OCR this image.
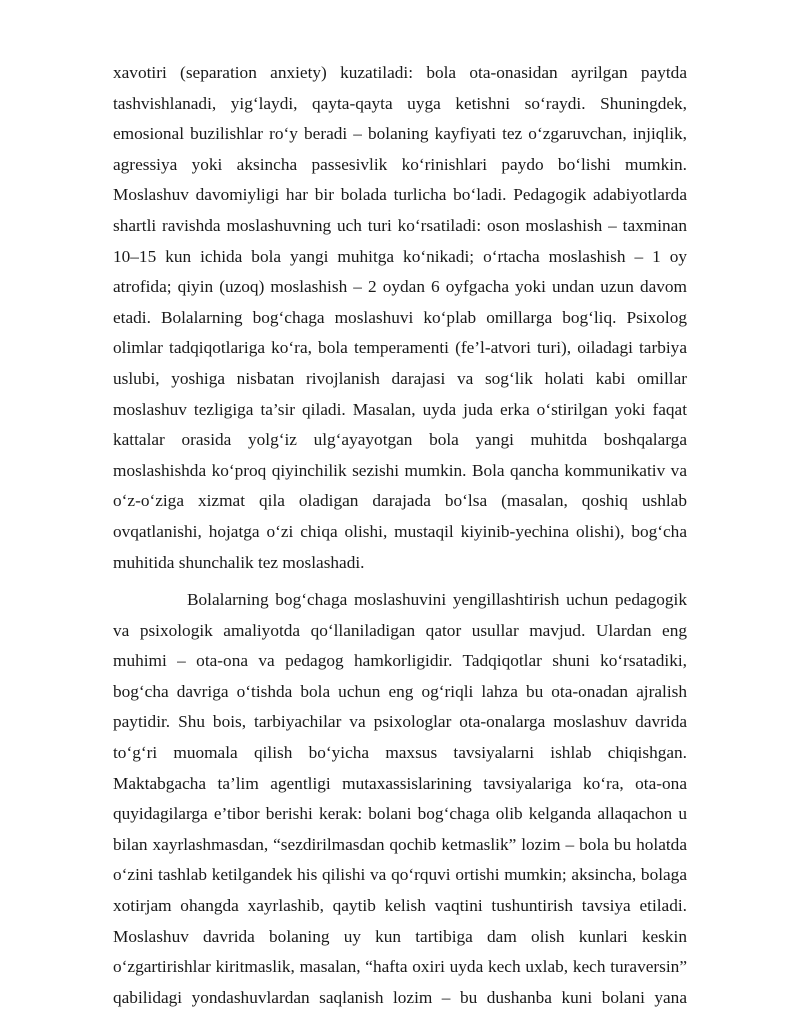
xavotiri (separation anxiety) kuzatiladi: bola ota-onasidan ayrilgan paytda tashvishlanadi, yig‘laydi, qayta-qayta uyga ketishni so‘raydi. Shuningdek, emosional buzilishlar ro‘y beradi – bolaning kayfiyati tez o‘zgaruvchan, injiqlik, agressiya yoki aksincha passesivlik ko‘rinishlari paydo bo‘lishi mumkin. Moslashuv davomiyligi har bir bolada turlicha bo‘ladi. Pedagogik adabiyotlarda shartli ravishda moslashuvning uch turi ko‘rsatiladi: oson moslashish – taxminan 10–15 kun ichida bola yangi muhitga ko‘nikadi; o‘rtacha moslashish – 1 oy atrofida; qiyin (uzoq) moslashish – 2 oydan 6 oyfgacha yoki undan uzun davom etadi. Bolalarning bog‘chaga moslashuvi ko‘plab omillarga bog‘liq. Psixolog olimlar tadqiqotlariga ko‘ra, bola temperamenti (fe’l-atvori turi), oiladagi tarbiya uslubi, yoshiga nisbatan rivojlanish darajasi va sog‘lik holati kabi omillar moslashuv tezligiga ta’sir qiladi. Masalan, uyda juda erka o‘stirilgan yoki faqat kattalar orasida yolg‘iz ulg‘ayayotgan bola yangi muhitda boshqalarga moslashishda ko‘proq qiyinchilik sezishi mumkin. Bola qancha kommunikativ va o‘z-o‘ziga xizmat qila oladigan darajada bo‘lsa (masalan, qoshiq ushlab ovqatlanishi, hojatga o‘zi chiqa olishi, mustaqil kiyinib-yechina olishi), bog‘cha muhitida shunchalik tez moslashadi.

Bolalarning bog‘chaga moslashuvini yengillashtirish uchun pedagogik va psixologik amaliyotda qo‘llaniladigan qator usullar mavjud. Ulardan eng muhimi – ota-ona va pedagog hamkorligidir. Tadqiqotlar shuni ko‘rsatadiki, bog‘cha davriga o‘tishda bola uchun eng og‘riqli lahza bu ota-onadan ajralish paytidir. Shu bois, tarbiyachilar va psixologlar ota-onalarga moslashuv davrida to‘g‘ri muomala qilish bo‘yicha maxsus tavsiyalarni ishlab chiqishgan. Maktabgacha ta’lim agentligi mutaxassislarining tavsiyalariga ko‘ra, ota-ona quyidagilarga e’tibor berishi kerak: bolani bog‘chaga olib kelganda allaqachon u bilan xayrlashmasdan, “sezdirilmasdan qochib ketmaslik” lozim – bola bu holatda o‘zini tashlab ketilgandek his qilishi va qo‘rquvi ortishi mumkin; aksincha, bolaga xotirjam ohangda xayrlashib, qaytib kelish vaqtini tushuntirish tavsiya etiladi. Moslashuv davrida bolaning uy kun tartibiga dam olish kunlari keskin o‘zgartirishlar kiritmaslik, masalan, “hafta oxiri uyda kech uxlab, kech turaversin” qabilidagi yondashuvlardan saqlanish lozim – bu dushanba kuni bolani yana
